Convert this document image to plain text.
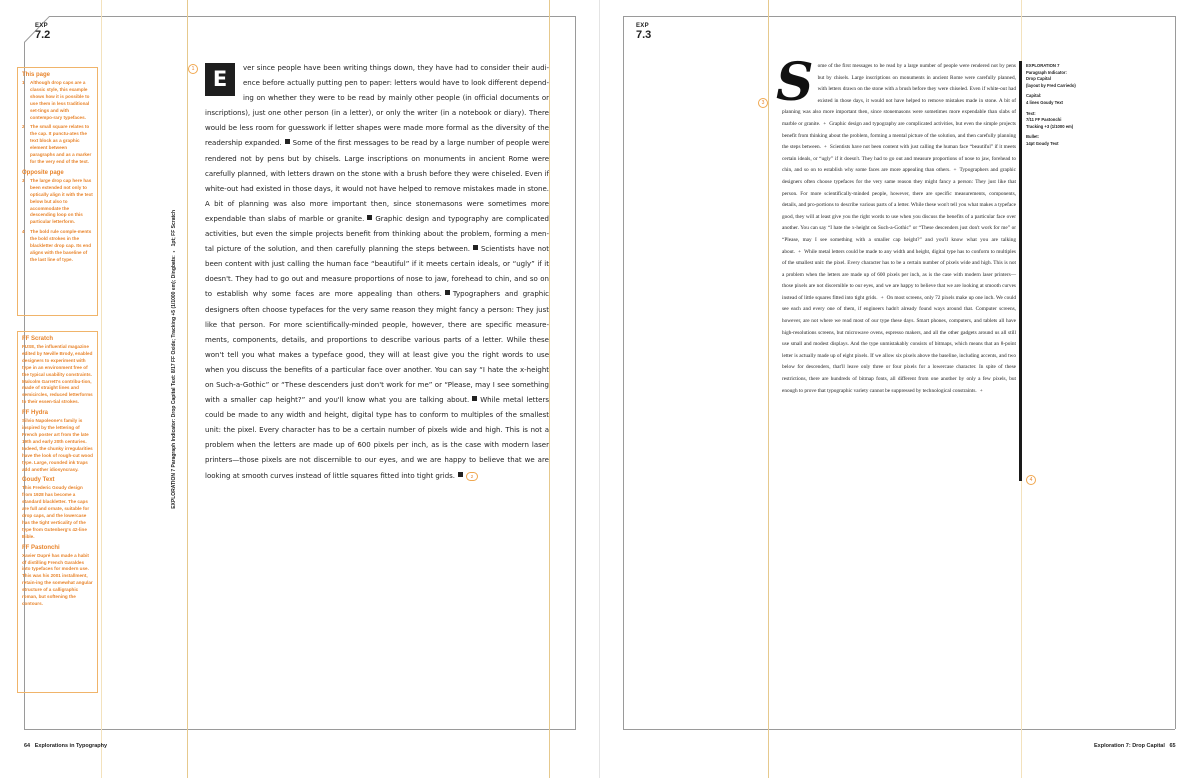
EXP
7.2
This page
1	Although drop caps are a classic style, this example shows how it is possible to use them in less traditional set-tings and with contempo-rary typefaces.
2	The small square relates to the cap. It punctu-ates the text block as a graphic element between paragraphs and as a marker for the very end of the text.
Opposite page
3	The large drop cap here has been extended not only to optically align it with the text below but also to accommodate the descending loop on this particular letterform.
4	The bold rule comple-ments the bold strokes in the blackletter drop cap. Its end aligns with the baseline of the last line of type.
FF Scratch

FUSE, the influential magazine edited by Neville Brody, enabled designers to experiment with type in an environment free of the typical usability constraints. Malcolm Garrett's contribu-tion, made of straight lines and semicircles, reduced letterforms to their essen-tial strokes.

FF Hydra

Silvio Napoleone's family is inspired by the lettering of French poster art from the late 19th and early 20th centuries. Indeed, the chunky irregularities have the look of rough-cut wood type. Large, rounded ink traps add another idiosyncrasy.

Goudy Text

This Frederic Goudy design from 1928 has become a standard blackletter. The caps are full and ornate, suitable for drop caps, and the lowercase has the tight verticality of the type from Gutenberg's 42-line Bible.

FF Pastonchi

Xavier Dupré has made a habit of distilling French Garaldes into typefaces for modern use. This was his 2001 installment, retain-ing the somewhat angular structure of a calligraphic roman, but softening the contours.

EXPLORATION 7 Paragraph Indicator: Drop Capital Text: 8/17 FF Oxide; Tracking +5 (1/1000 em); Dingbats: ▪ 1pt; FF Scratch
1 E	ver since people have been writing things down, they have had to consider their audi-ence before actually putting pen to paper: letters would have to look different depend-ing on whether they were to be read by mainly other people (in official documents or inscriptions), just one other person (in a letter), or only the writer (in a notebook or diary). There would be less room for guesswork if letter shapes were made more formal as the diversity of the readership expanded. Some of the first messages to be read by a large number of people were rendered not by pens but by chisels. Large inscriptions on monuments in ancient Rome were carefully planned, with letters drawn on the stone with a brush before they were chiseled. Even if white-out had existed in those days, it would not have helped to remove mistakes made in stone. A bit of planning was also more important then, since stonemasons were sometimes more expendable than slabs of marble or granite. Graphic design and typography are complicated activities, but even the simple projects benefit from thinking about the problem, forming a men-tal picture of the solution, and then carefully planning the steps between. Scientists have not been content with just calling the human face “beautiful” if it meets certain ideals, or “ugly” if it doesn't. They had to go out and measure proportions of nose to jaw, forehead to chin, and so on to establish why some faces are more appealing than others. Typographers and graphic designers often choose typefaces for the very same reason they might fancy a person: They just like that person. For more scientifically-minded people, however, there are specific measure-ments, components, details, and proportions to describe various parts of a letter. While these won't tell you what makes a typeface good, they will at least give you the right words to use when you discuss the benefits of a particular face over another. You can say “I hate the x-height on Such-a-Gothic” or “These descenders just don't work for me” or “Please, may I see something with a smaller cap height?” and you'll know what you are talking about. While metal letters could be made to any width and height, digital type has to conform to multiples of the smallest unit: the pixel. Every character has to be a certain number of pixels wide and high. This is not a problem when the letters are made up of 600 pixels per inch, as is the case with modern laser printers—those pixels are not discernible to our eyes, and we are happy to believe that we are looking at smooth curves instead of little squares fitted into tight grids.	2
64 Explorations in Typography
EXP
7.3
3 S ome of the first messages to be read by a large number of people were rendered not by pens but by chisels. Large inscriptions on monuments in ancient Rome were carefully planned, with letters drawn on the stone with a brush before they were chiseled. Even if white-out had existed in those days, it would not have helped to remove mistakes made in stone. A bit of planning was also more important then, since stonemasons were sometimes more expendable than slabs of marble or granite. + Graphic design and typography are complicated activities, but even the simple projects benefit from thinking about the problem, forming a mental picture of the solution, and then carefully planning the steps between. + Scientists have not been content with just calling the human face “beautiful” if it meets certain ideals, or “ugly” if it doesn't. They had to go out and measure proportions of nose to jaw, forehead to chin, and so on to establish why some faces are more appealing than others. + Typographers and graphic designers often choose typefaces for the very same reason they might fancy a person: They just like that person. For more scientifically-minded people, however, there are specific measurements, components, details, and pro-portions to describe various parts of a letter. While these won't tell you what makes a typeface good, they will at least give you the right words to use when you discuss the benefits of a particular face over another. You can say “I hate the x-height on Such-a-Gothic” or “These descenders just don't work for me” or “Please, may I see something with a smaller cap height?” and you'll know what you are talking about. + While metal letters could be made to any width and height, digital type has to conform to multiples of the smallest unit: the pixel. Every character has to be a certain number of pixels wide and high. This is not a problem when the letters are made up of 600 pixels per inch, as is the case with modern laser printers—those pixels are not discernible to our eyes, and we are happy to believe that we are looking at smooth curves instead of little squares fitted into tight grids. + On most screens, only 72 pixels make up one inch. We could see each and every one of them, if engineers hadn't already found ways around that. Computer screens, however, are not where we read most of our type these days. Smart phones, computers, and tablets all have high-resolutions screens, but microwave ovens, espresso makers, and all the other gadgets around us all still use small and modest displays. And the type unmistakably consists of bitmaps, which means that an 8-point letter is actually made up of eight pixels. If we allow six pixels above the baseline, including accents, and two below for descenders, that'll leave only three or four pixels for a lowercase character. In spite of these restrictions, there are hundreds of bitmap fonts, all different from one another by only a few pixels, but enough to prove that typographic variety cannot be suppressed by technological constraints. +
4

EXPLORATION 7
Paragraph Indicator:
Drop Capital
(layout by Fred Carriedo)

Capital:
4 lines Goudy Text

Text:
7/11 FF Pastonchi
Tracking +3 (1/1000 em)

Bullet:
14pt Goudy Text

Exploration 7: Drop Capital 65
